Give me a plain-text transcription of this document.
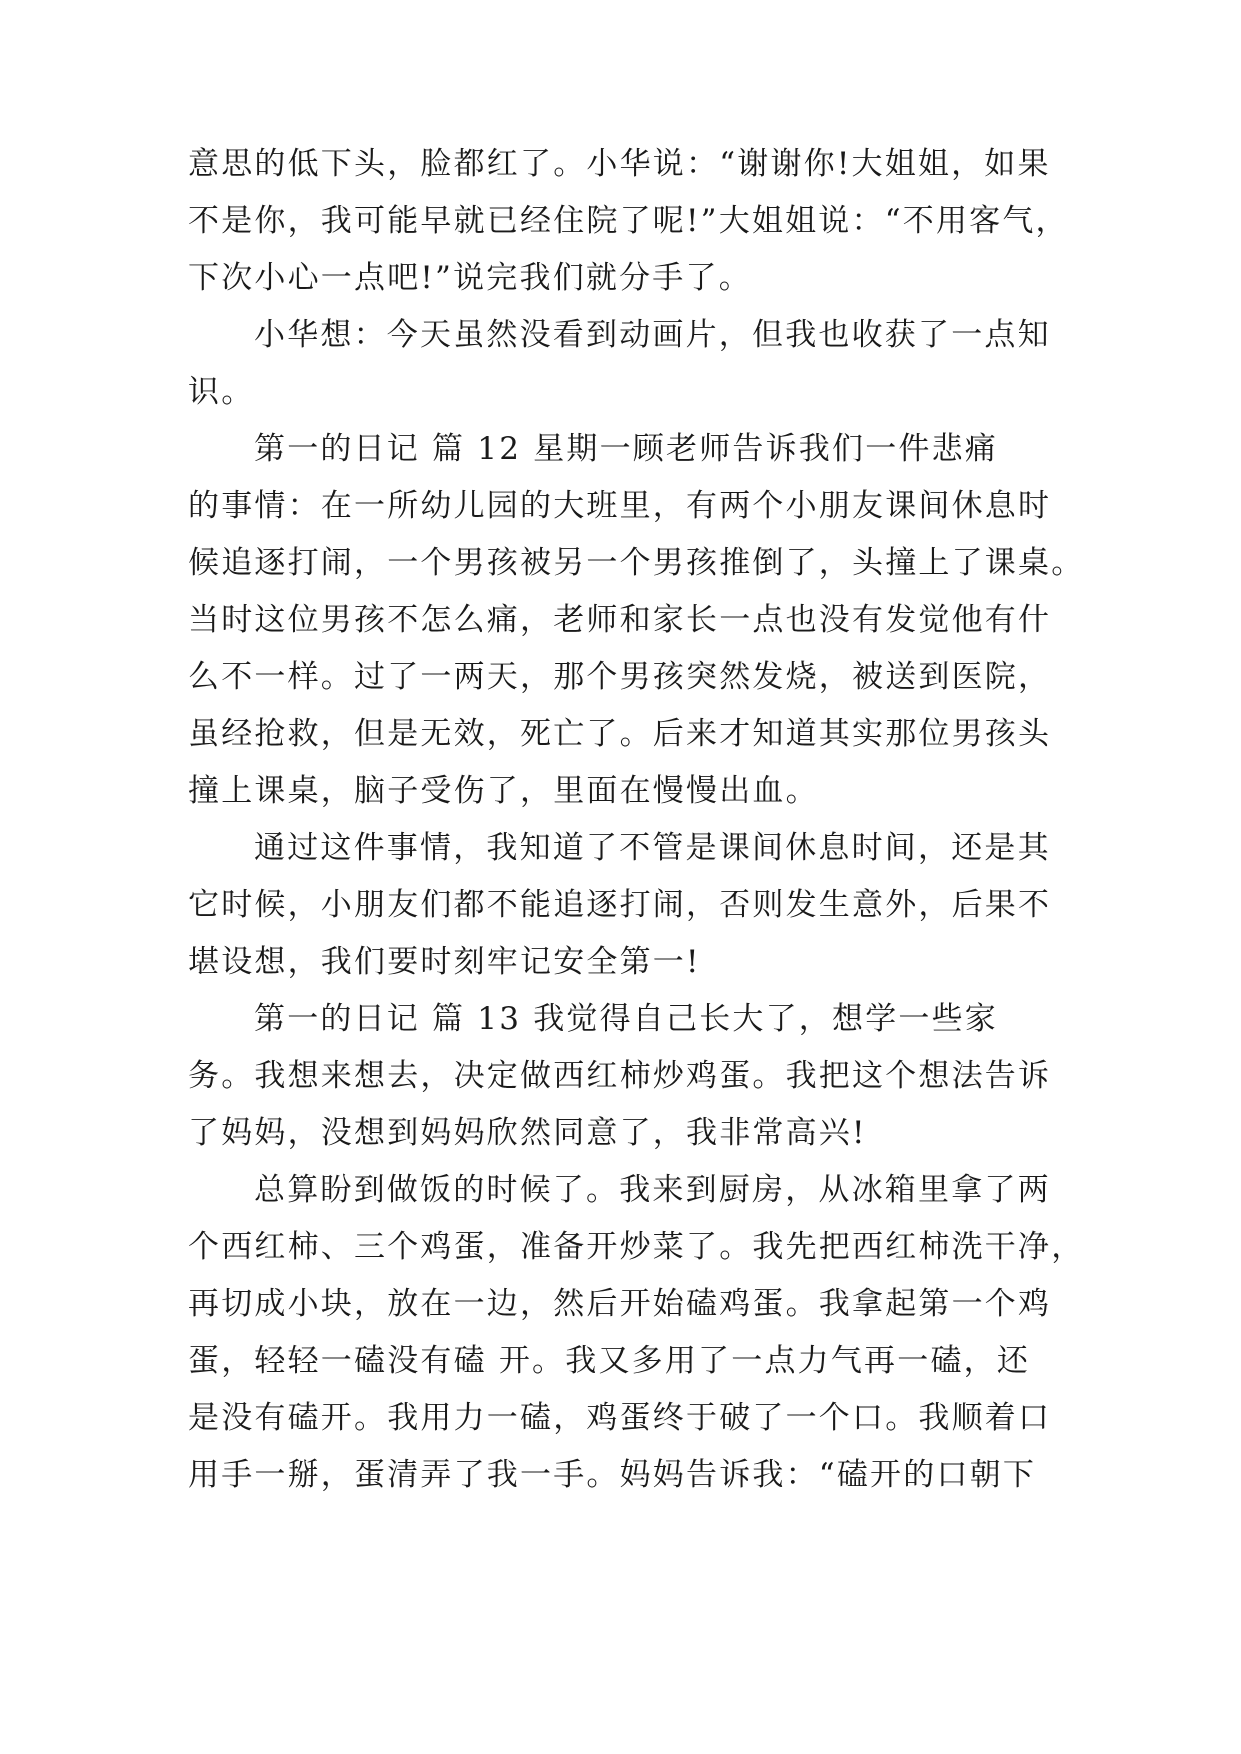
意思的低下头，脸都红了。小华说：“谢谢你!大姐姐，如果
不是你，我可能早就已经住院了呢!”大姐姐说：“不用客气，
下次小心一点吧!”说完我们就分手了。
小华想：今天虽然没看到动画片，但我也收获了一点知
识。
第一的日记 篇 12 星期一顾老师告诉我们一件悲痛
的事情：在一所幼儿园的大班里，有两个小朋友课间休息时
候追逐打闹，一个男孩被另一个男孩推倒了，头撞上了课桌。
当时这位男孩不怎么痛，老师和家长一点也没有发觉他有什
么不一样。过了一两天，那个男孩突然发烧，被送到医院，
虽经抢救，但是无效，死亡了。后来才知道其实那位男孩头
撞上课桌，脑子受伤了，里面在慢慢出血。
通过这件事情，我知道了不管是课间休息时间，还是其
它时候，小朋友们都不能追逐打闹，否则发生意外，后果不
堪设想，我们要时刻牢记安全第一!
第一的日记 篇 13 我觉得自己长大了，想学一些家
务。我想来想去，决定做西红柿炒鸡蛋。我把这个想法告诉
了妈妈，没想到妈妈欣然同意了，我非常高兴!
总算盼到做饭的时候了。我来到厨房，从冰箱里拿了两
个西红柿、三个鸡蛋，准备开炒菜了。我先把西红柿洗干净，
再切成小块，放在一边，然后开始磕鸡蛋。我拿起第一个鸡
蛋，轻轻一磕没有磕 开。我又多用了一点力气再一磕，还
是没有磕开。我用力一磕，鸡蛋终于破了一个口。我顺着口
用手一掰，蛋清弄了我一手。妈妈告诉我：“磕开的口朝下
